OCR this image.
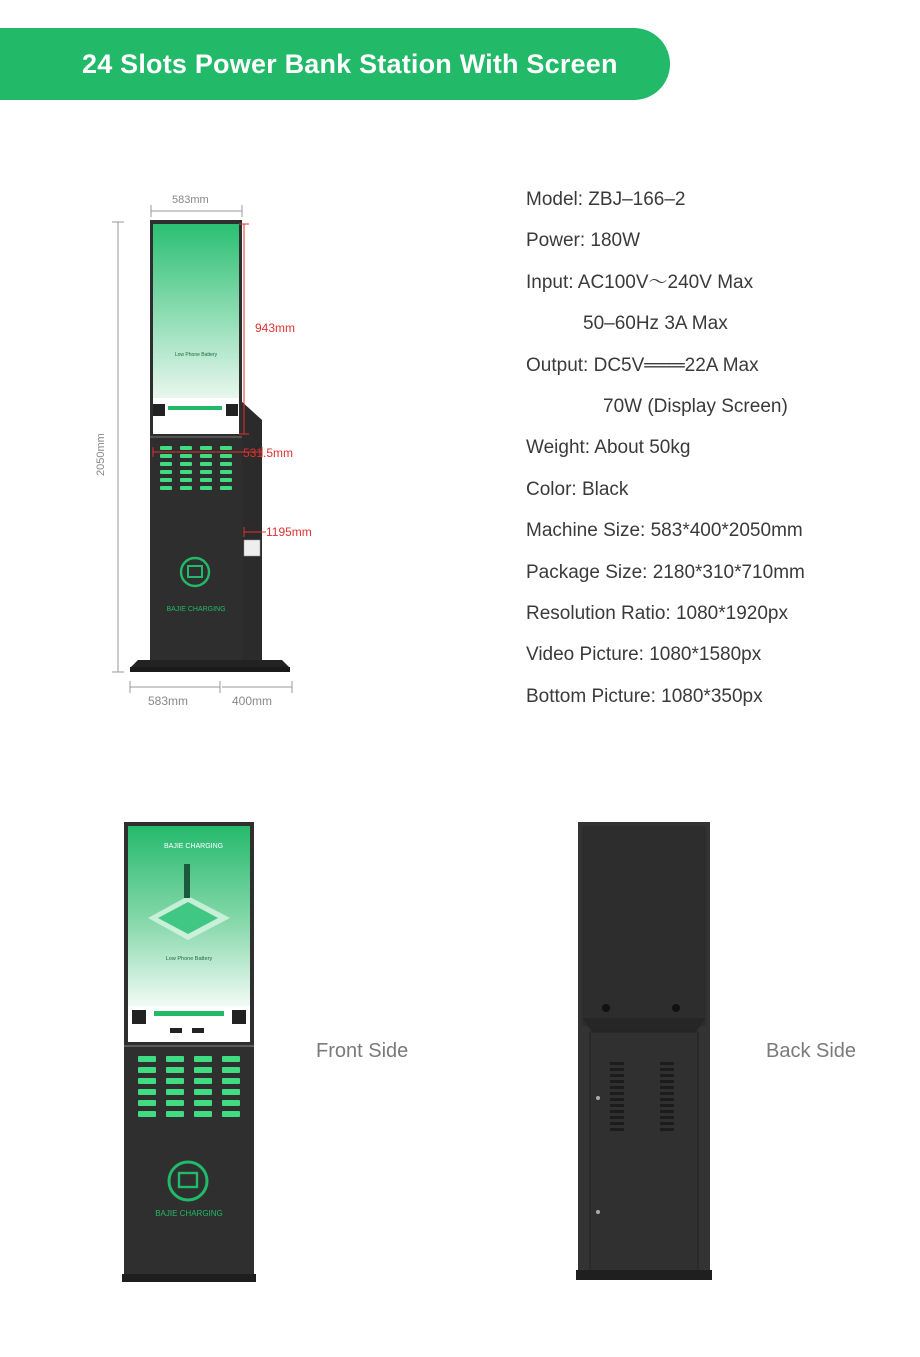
24 Slots Power Bank Station With Screen
583mm
2050mm
BAJIE CHARGING
Low Phone Battery
943mm
531.5mm
1195mm
583mm	400mm
Model: ZBJ–166–2
Power: 180W
Input: AC100V～240V Max
50–60Hz 3A Max
Output: DC5V═══22A Max
70W (Display Screen)
Weight: About 50kg
Color: Black
Machine Size: 583*400*2050mm
Package Size: 2180*310*710mm
Resolution Ratio: 1080*1920px
Video Picture: 1080*1580px
Bottom Picture: 1080*350px
BAJIE CHARGING
Low Phone Battery
BAJIE CHARGING
Front Side	Back Side
